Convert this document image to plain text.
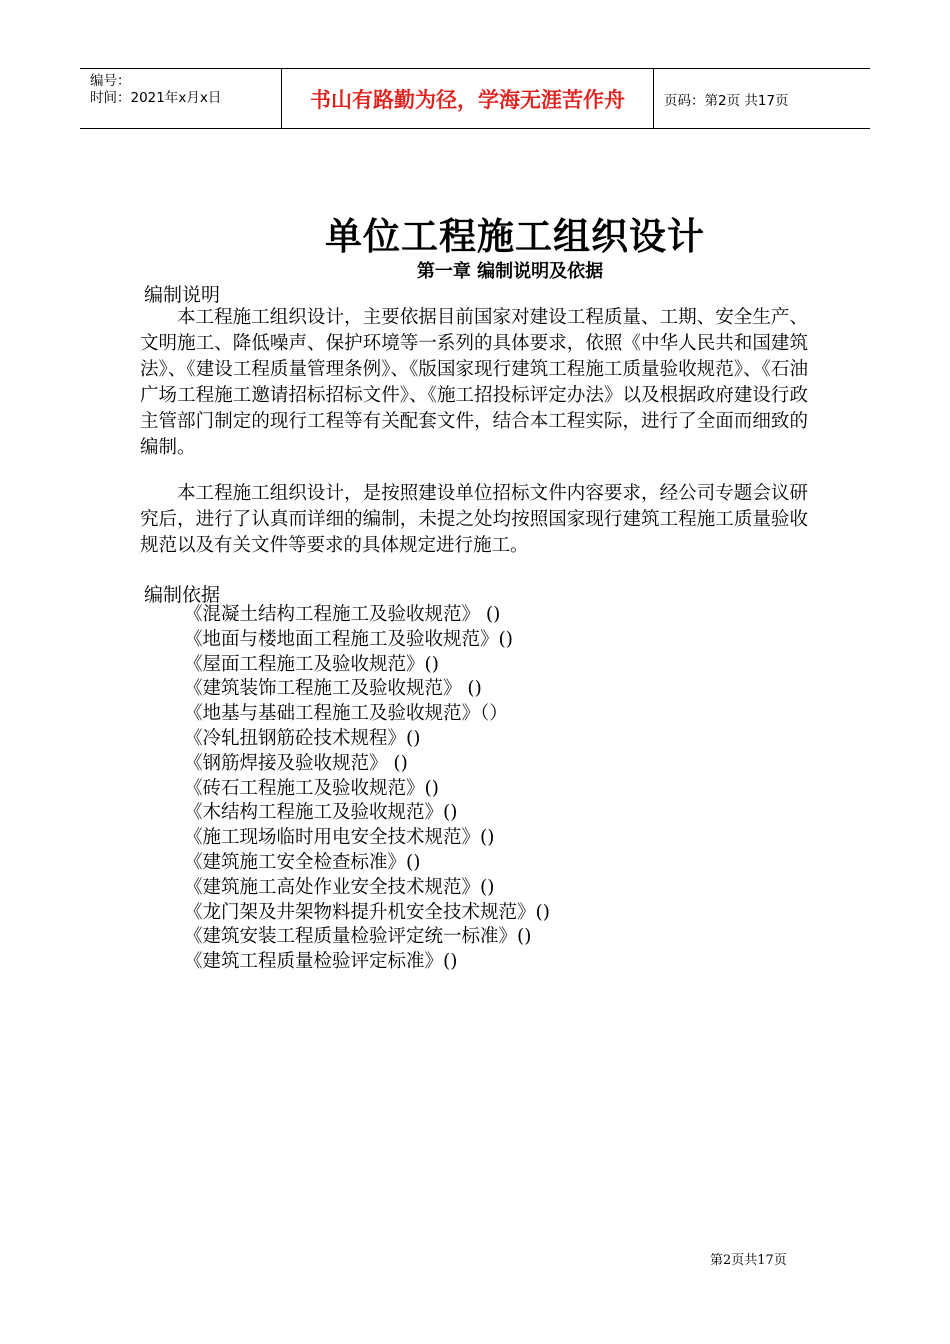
编号：
时间：2021年x月x日	书山有路勤为径，学海无涯苦作舟	页码：第2页 共17页
单位工程施工组织设计
第一章 编制说明及依据
编制说明

本工程施工组织设计，主要依据目前国家对建设工程质量、工期、安全生产、文明施工、降低噪声、保护环境等一系列的具体要求，依照《中华人民共和国建筑法》、《建设工程质量管理条例》、《版国家现行建筑工程施工质量验收规范》、《石油广场工程施工邀请招标招标文件》、《施工招投标评定办法》以及根据政府建设行政主管部门制定的现行工程等有关配套文件，结合本工程实际，进行了全面而细致的编制。

本工程施工组织设计，是按照建设单位招标文件内容要求，经公司专题会议研究后，进行了认真而详细的编制，未提之处均按照国家现行建筑工程施工质量验收规范以及有关文件等要求的具体规定进行施工。

编制依据
《混凝土结构工程施工及验收规范》 ()
《地面与楼地面工程施工及验收规范》()
《屋面工程施工及验收规范》()
《建筑装饰工程施工及验收规范》 ()
《地基与基础工程施工及验收规范》（）
《冷轧扭钢筋砼技术规程》()
《钢筋焊接及验收规范》 ()
《砖石工程施工及验收规范》()
《木结构工程施工及验收规范》()
《施工现场临时用电安全技术规范》()
《建筑施工安全检查标准》()
《建筑施工高处作业安全技术规范》()
《龙门架及井架物料提升机安全技术规范》()
《建筑安装工程质量检验评定统一标准》()
《建筑工程质量检验评定标准》()
第2页共17页
